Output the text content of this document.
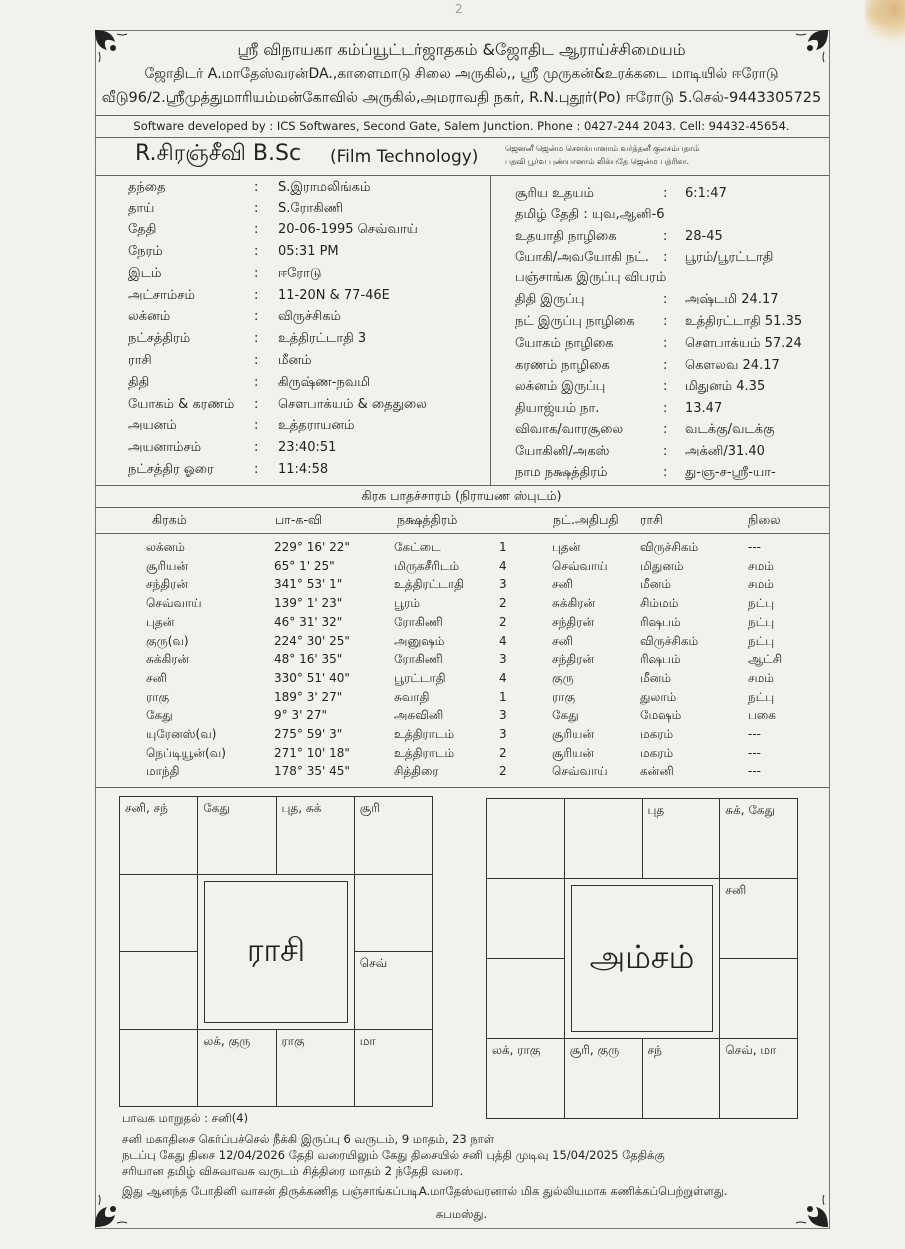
2
ஸ்ரீ விநாயகா கம்ப்யூட்டர்ஜாதகம் &ஜோதிட ஆராய்ச்சிமையம்
ஜோதிடர் A.மாதேஸ்வரன்DA.,காளைமாடு சிலை அருகில்,, ஸ்ரீ முருகன்&உரக்கடை மாடியில் ஈரோடு
வீடு96/2.ஸ்ரீமுத்துமாரியம்மன்கோவில் அருகில்,அமராவதி நகர், R.N.புதூர்(Po) ஈரோடு 5.செல்-9443305725
Software developed by : ICS Softwares, Second Gate, Salem Junction. Phone : 0427-244 2043. Cell: 94432-45654.
R.சிரஞ்சீவி B.Sc (Film Technology)	ஜெனனீ ஜென்ம சௌக்யானாம் வர்த்தனீ குலசம்பதாம்
பதவி பூர்வ புண்யானாம் லிக்யதே ஜென்ம பத்ரிகா.
தந்தை	: S.இராமலிங்கம்
தாய்	: S.ரோகிணி
தேதி	: 20-06-1995 செவ்வாய்
நேரம்	: 05:31 PM
இடம்	: ஈரோடு
அட்சாம்சம்	: 11-20N & 77-46E
லக்னம்	: விருச்சிகம்
நட்சத்திரம்	: உத்திரட்டாதி 3
ராசி	: மீனம்
திதி	: கிருஷ்ண-நவமி
யோகம் & கரணம் : சௌபாக்யம் & தைதுலை
அயனம்	: உத்தராயனம்
அயனாம்சம்	: 23:40:51
நட்சத்திர ஓரை	: 11:4:58
சூரிய உதயம்	: 6:1:47
தமிழ் தேதி : யுவ,ஆனி-6
உதயாதி நாழிகை	: 28-45
யோகி/அவயோகி நட். : பூரம்/பூரட்டாதி
பஞ்சாங்க இருப்பு விபரம்
திதி இருப்பு	: அஷ்டமி 24.17
நட் இருப்பு நாழிகை : உத்திரட்டாதி 51.35
யோகம் நாழிகை	: சௌபாக்யம் 57.24
கரணம் நாழிகை	: கௌலவ 24.17
லக்னம் இருப்பு	: மிதுனம் 4.35
தியாஜ்யம் நா.	: 13.47
விவாக/வாரசூலை	: வடக்கு/வடக்கு
யோகினி/அகஸ்	: அக்னி/31.40
நாம நக்ஷத்திரம்	: து-ஞ-ச-ஸ்ரீ-யா-
கிரக பாதச்சாரம் (நிராயண ஸ்புடம்)
கிரகம்	பா-க-வி	நக்ஷத்திரம்	நட்.அதிபதி ராசி	நிலை
லக்னம்	229° 16' 22"	கேட்டை	1	புதன்	விருச்சிகம்	---
சூரியன்	65° 1' 25"	மிருகசீரிடம்	4	செவ்வாய்	மிதுனம்	சமம்
சந்திரன்	341° 53' 1"	உத்திரட்டாதி	3	சனி	மீனம்	சமம்
செவ்வாய்	139° 1' 23"	பூரம்	2	சுக்கிரன்	சிம்மம்	நட்பு
புதன்	46° 31' 32"	ரோகிணி	2	சந்திரன்	ரிஷபம்	நட்பு
குரு(வ)	224° 30' 25"	அனுஷம்	4	சனி	விருச்சிகம்	நட்பு
சுக்கிரன்	48° 16' 35"	ரோகிணி	3	சந்திரன்	ரிஷபம்	ஆட்சி
சனி	330° 51' 40"	பூரட்டாதி	4	குரு	மீனம்	சமம்
ராகு	189° 3' 27"	சுவாதி	1	ராகு	துலாம்	நட்பு
கேது	9° 3' 27"	அசுவினி	3	கேது	மேஷம்	பகை
யுரேனஸ்(வ)	275° 59' 3"	உத்திராடம்	3	சூரியன்	மகரம்	---
நெப்டியூன்(வ)	271° 10' 18"	உத்திராடம்	2	சூரியன்	மகரம்	---
மாந்தி	178° 35' 45"	சித்திரை	2	செவ்வாய்	கன்னி	---
சனி, சந்	கேது	புத, சுக்	சூரி
செவ்
லக், குரு	ராகு	மா
ராசி
புத	சுக், கேது
சனி
லக், ராகு	சூரி, குரு	சந்	செவ், மா
அம்சம்
பாவக மாறுதல் : சனி(4)
சனி மகாதிசை கெர்ப்பச்செல் நீக்கி இருப்பு 6 வருடம், 9 மாதம், 23 நாள்
நடப்பு கேது திசை 12/04/2026 தேதி வரையிலும் கேது திசையில் சனி புத்தி முடிவு 15/04/2025 தேதிக்கு
சரியான தமிழ் விசுவாவசு வருடம் சித்திரை மாதம் 2 ந்தேதி வரை.
இது ஆனந்த போதினி வாசன் திருக்கணித பஞ்சாங்கப்படிA.மாதேஸ்வரனால் மிக துல்லியமாக கணிக்கப்பெற்றுள்ளது.
சுபமஸ்து.
